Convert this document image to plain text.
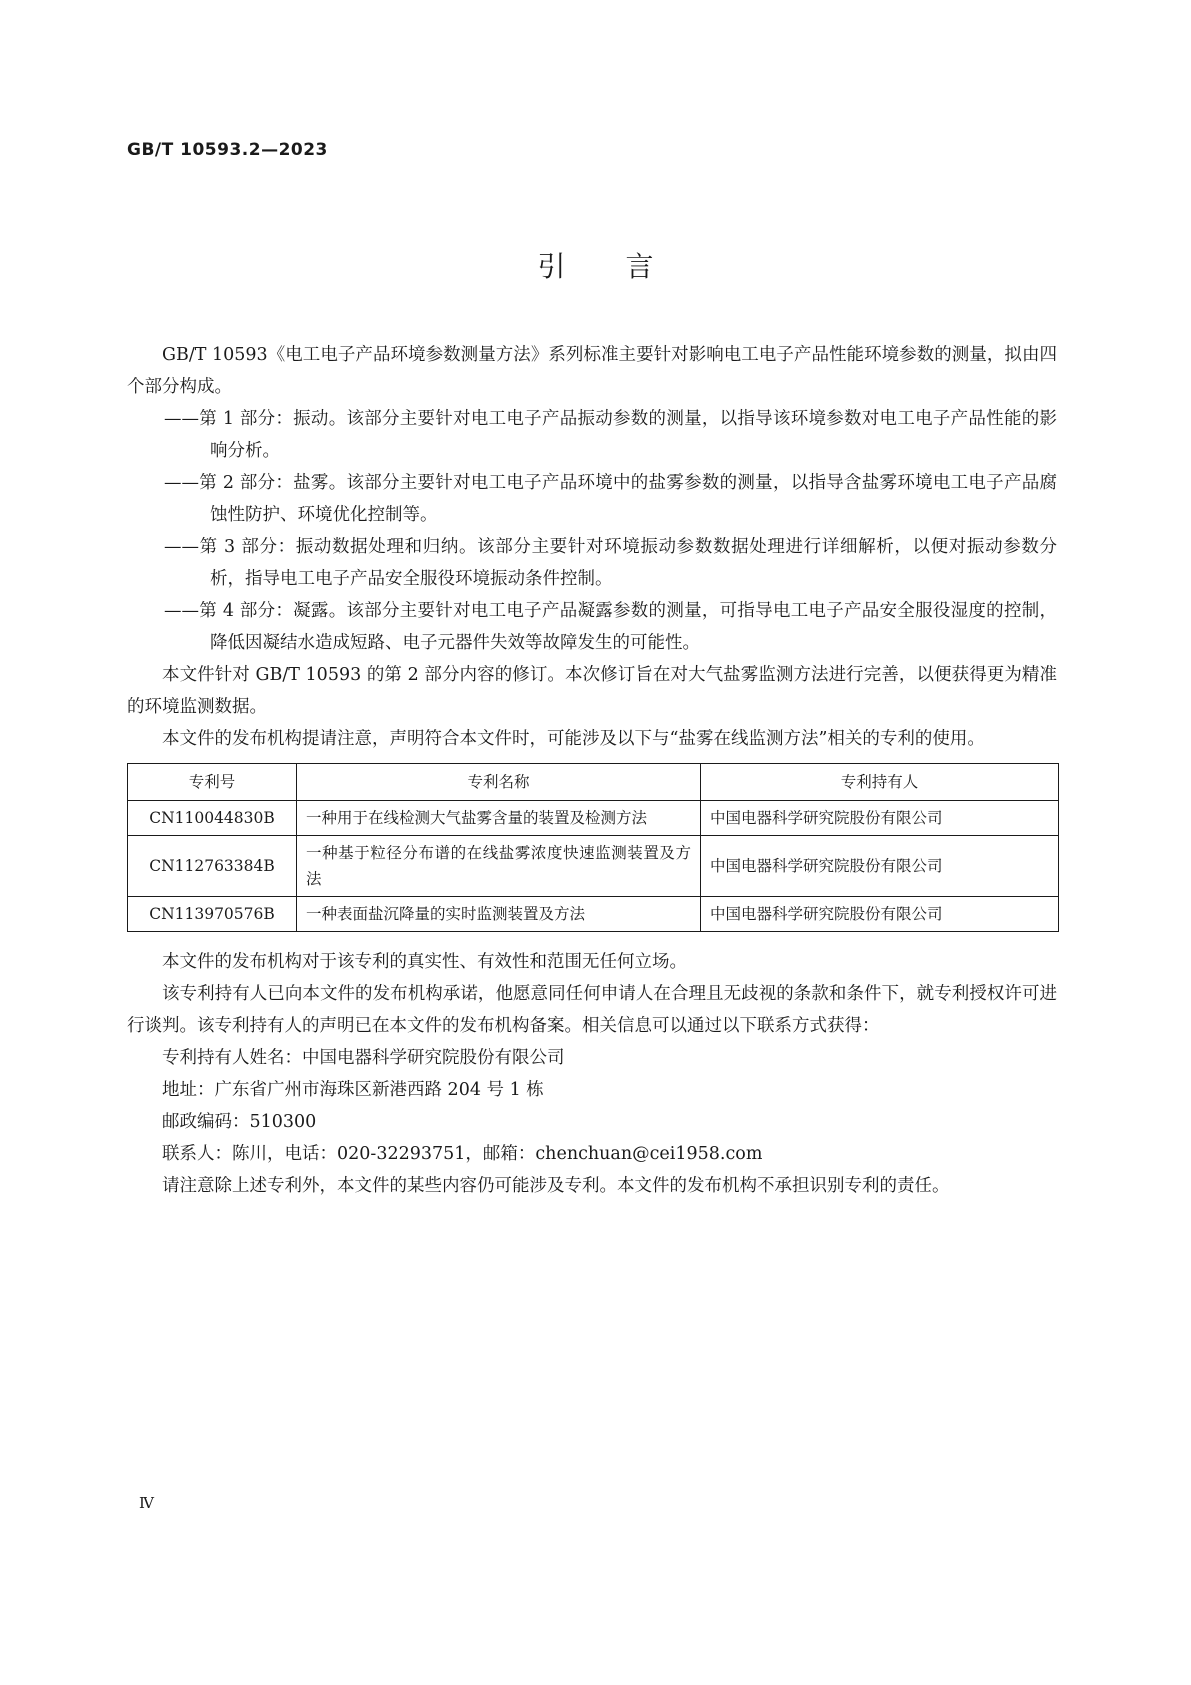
GB/T 10593.2—2023
引言

GB/T 10593《电工电子产品环境参数测量方法》系列标准主要针对影响电工电子产品性能环境参数的测量，拟由四个部分构成。

——第 1 部分：振动。该部分主要针对电工电子产品振动参数的测量，以指导该环境参数对电工电子产品性能的影响分析。

——第 2 部分：盐雾。该部分主要针对电工电子产品环境中的盐雾参数的测量，以指导含盐雾环境电工电子产品腐蚀性防护、环境优化控制等。

——第 3 部分：振动数据处理和归纳。该部分主要针对环境振动参数数据处理进行详细解析，以便对振动参数分析，指导电工电子产品安全服役环境振动条件控制。

——第 4 部分：凝露。该部分主要针对电工电子产品凝露参数的测量，可指导电工电子产品安全服役湿度的控制，降低因凝结水造成短路、电子元器件失效等故障发生的可能性。

本文件针对 GB/T 10593 的第 2 部分内容的修订。本次修订旨在对大气盐雾监测方法进行完善，以便获得更为精准的环境监测数据。

本文件的发布机构提请注意，声明符合本文件时，可能涉及以下与“盐雾在线监测方法”相关的专利的使用。

专利号	专利名称	专利持有人
CN110044830B	一种用于在线检测大气盐雾含量的装置及检测方法	中国电器科学研究院股份有限公司
CN112763384B	一种基于粒径分布谱的在线盐雾浓度快速监测装置及方法	中国电器科学研究院股份有限公司
CN113970576B	一种表面盐沉降量的实时监测装置及方法	中国电器科学研究院股份有限公司

本文件的发布机构对于该专利的真实性、有效性和范围无任何立场。

该专利持有人已向本文件的发布机构承诺，他愿意同任何申请人在合理且无歧视的条款和条件下，就专利授权许可进行谈判。该专利持有人的声明已在本文件的发布机构备案。相关信息可以通过以下联系方式获得：

专利持有人姓名：中国电器科学研究院股份有限公司

地址：广东省广州市海珠区新港西路 204 号 1 栋

邮政编码：510300

联系人：陈川，电话：020-32293751，邮箱：chenchuan@cei1958.com

请注意除上述专利外，本文件的某些内容仍可能涉及专利。本文件的发布机构不承担识别专利的责任。

Ⅳ
